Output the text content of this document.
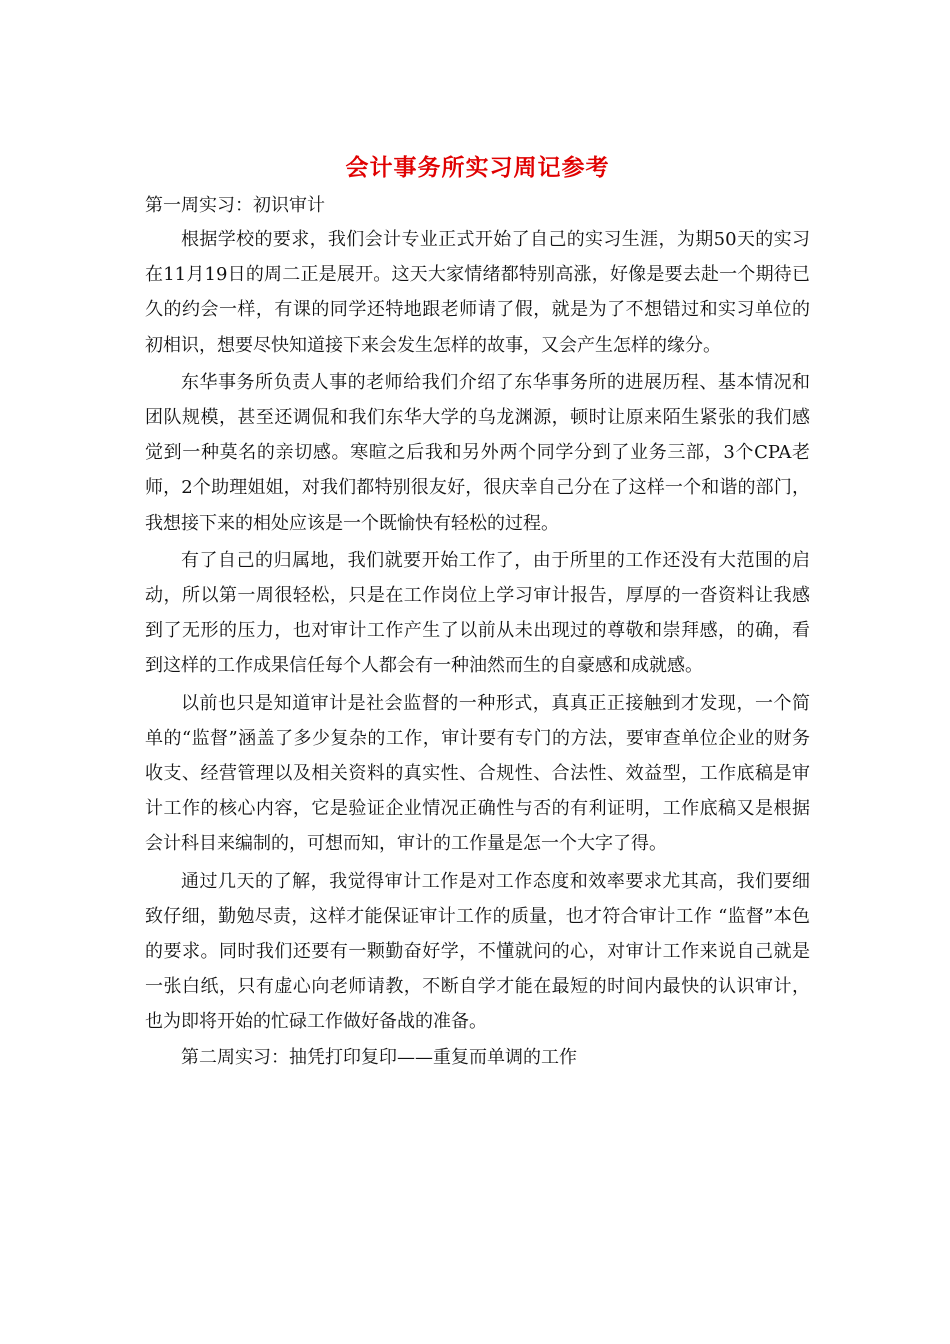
会计事务所实习周记参考

第一周实习：初识审计

根据学校的要求，我们会计专业正式开始了自己的实习生涯，为期50天的实习在11月19日的周二正是展开。这天大家情绪都特别高涨，好像是要去赴一个期待已久的约会一样，有课的同学还特地跟老师请了假，就是为了不想错过和实习单位的初相识，想要尽快知道接下来会发生怎样的故事，又会产生怎样的缘分。

东华事务所负责人事的老师给我们介绍了东华事务所的进展历程、基本情况和团队规模，甚至还调侃和我们东华大学的乌龙渊源，顿时让原来陌生紧张的我们感觉到一种莫名的亲切感。寒暄之后我和另外两个同学分到了业务三部，3个CPA老师，2个助理姐姐，对我们都特别很友好，很庆幸自己分在了这样一个和谐的部门，我想接下来的相处应该是一个既愉快有轻松的过程。

有了自己的归属地，我们就要开始工作了，由于所里的工作还没有大范围的启动，所以第一周很轻松，只是在工作岗位上学习审计报告，厚厚的一沓资料让我感到了无形的压力，也对审计工作产生了以前从未出现过的尊敬和崇拜感，的确，看到这样的工作成果信任每个人都会有一种油然而生的自豪感和成就感。

以前也只是知道审计是社会监督的一种形式，真真正正接触到才发现，一个简单的“监督”涵盖了多少复杂的工作，审计要有专门的方法，要审查单位企业的财务收支、经营管理以及相关资料的真实性、合规性、合法性、效益型，工作底稿是审计工作的核心内容，它是验证企业情况正确性与否的有利证明，工作底稿又是根据会计科目来编制的，可想而知，审计的工作量是怎一个大字了得。

通过几天的了解，我觉得审计工作是对工作态度和效率要求尤其高，我们要细致仔细，勤勉尽责，这样才能保证审计工作的质量，也才符合审计工作 “监督”本色的要求。同时我们还要有一颗勤奋好学，不懂就问的心，对审计工作来说自己就是一张白纸，只有虚心向老师请教，不断自学才能在最短的时间内最快的认识审计，也为即将开始的忙碌工作做好备战的准备。

第二周实习：抽凭打印复印——重复而单调的工作
